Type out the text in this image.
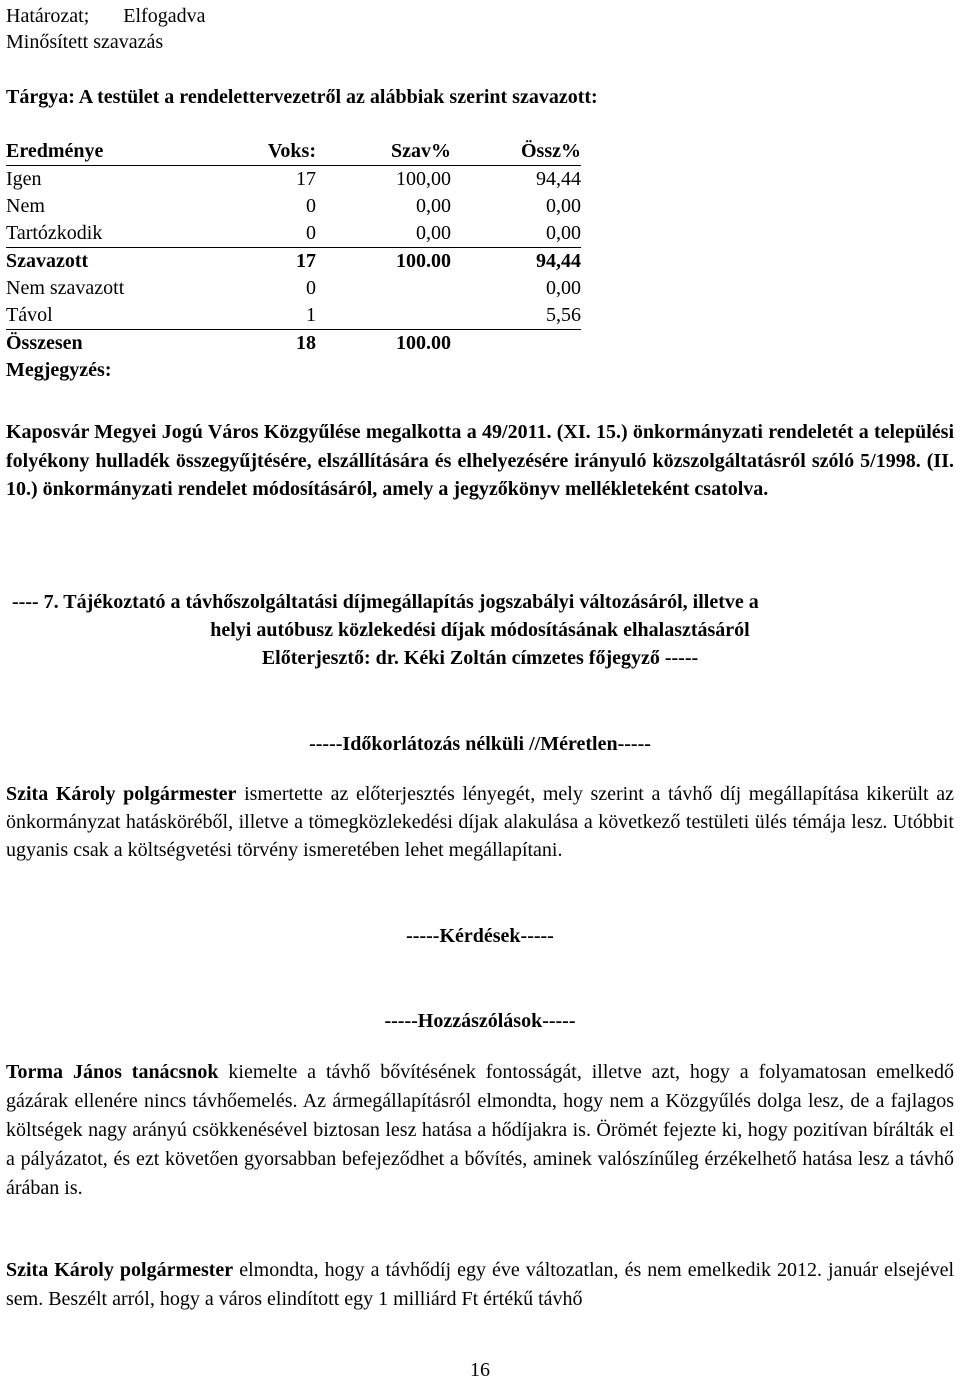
Határozat; Elfogadva
Minősített szavazás
Tárgya: A testület a rendelettervezetről az alábbiak szerint szavazott:
Eredménye	Voks:	Szav%	Össz%
Igen	17	100,00	94,44
Nem	0	0,00	0,00
Tartózkodik	0	0,00	0,00
Szavazott	17	100.00	94,44
Nem szavazott	0		0,00
Távol	1		5,56
Összesen	18	100.00	
Megjegyzés:			

Kaposvár Megyei Jogú Város Közgyűlése megalkotta a 49/2011. (XI. 15.) önkormányzati rendeletét a települési folyékony hulladék összegyűjtésére, elszállítására és elhelyezésére irányuló közszolgáltatásról szóló 5/1998. (II. 10.) önkormányzati rendelet módosításáról, amely a jegyzőkönyv mellékleteként csatolva.

---- 7. Tájékoztató a távhőszolgáltatási díjmegállapítás jogszabályi változásáról, illetve a
helyi autóbusz közlekedési díjak módosításának elhalasztásáról
Előterjesztő: dr. Kéki Zoltán címzetes főjegyző -----
-----Időkorlátozás nélküli //Méretlen-----

Szita Károly polgármester ismertette az előterjesztés lényegét, mely szerint a távhő díj megállapítása kikerült az önkormányzat hatásköréből, illetve a tömegközlekedési díjak alakulása a következő testületi ülés témája lesz. Utóbbit ugyanis csak a költségvetési törvény ismeretében lehet megállapítani.

-----Kérdések-----
-----Hozzászólások-----

Torma János tanácsnok kiemelte a távhő bővítésének fontosságát, illetve azt, hogy a folyamatosan emelkedő gázárak ellenére nincs távhőemelés. Az ármegállapításról elmondta, hogy nem a Közgyűlés dolga lesz, de a fajlagos költségek nagy arányú csökkenésével biztosan lesz hatása a hődíjakra is. Örömét fejezte ki, hogy pozitívan bírálták el a pályázatot, és ezt követően gyorsabban befejeződhet a bővítés, aminek valószínűleg érzékelhető hatása lesz a távhő árában is.

Szita Károly polgármester elmondta, hogy a távhődíj egy éve változatlan, és nem emelkedik 2012. január elsejével sem. Beszélt arról, hogy a város elindított egy 1 milliárd Ft értékű távhő

16
